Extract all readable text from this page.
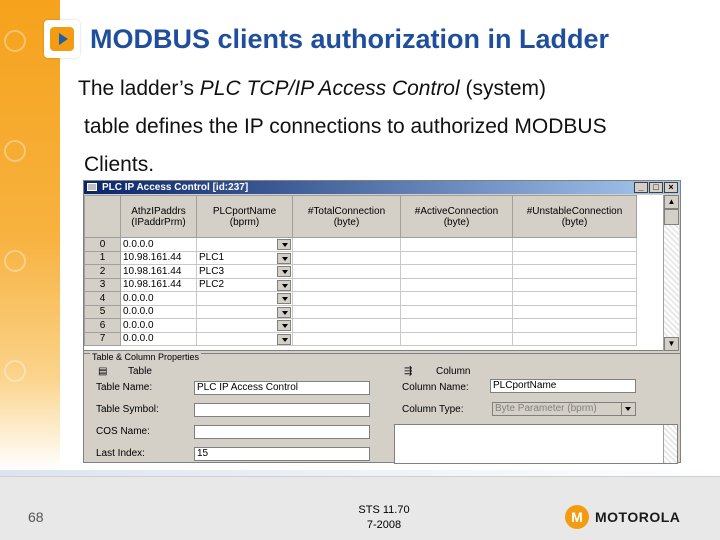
MODBUS clients authorization in Ladder
The ladder’s PLC TCP/IP Access Control (system)
table defines the IP connections to authorized MODBUS
Clients.
PLC IP Access Control [id:237]	_	□	×
	AthzIPaddrs (IPaddrPrm)	PLCportName (bprm)	#TotalConnection (byte)	#ActiveConnection (byte)	#UnstableConnection (byte)
0	0.0.0.0	

1	10.98.161.44	PLC1

2	10.98.161.44	PLC3

3	10.98.161.44	PLC2

4	0.0.0.0	

5	0.0.0.0	

6	0.0.0.0	

7	0.0.0.0	

▲
▼
Table & Column Properties
▤ Table
Table Name:	PLC IP Access Control
Table Symbol:
COS Name:
Last Index:	15
⇶ Column
Column Name:	PLCportName
Column Type:	Byte Parameter (bprm)
68	STS 11.70
7-2008	M MOTOROLA
